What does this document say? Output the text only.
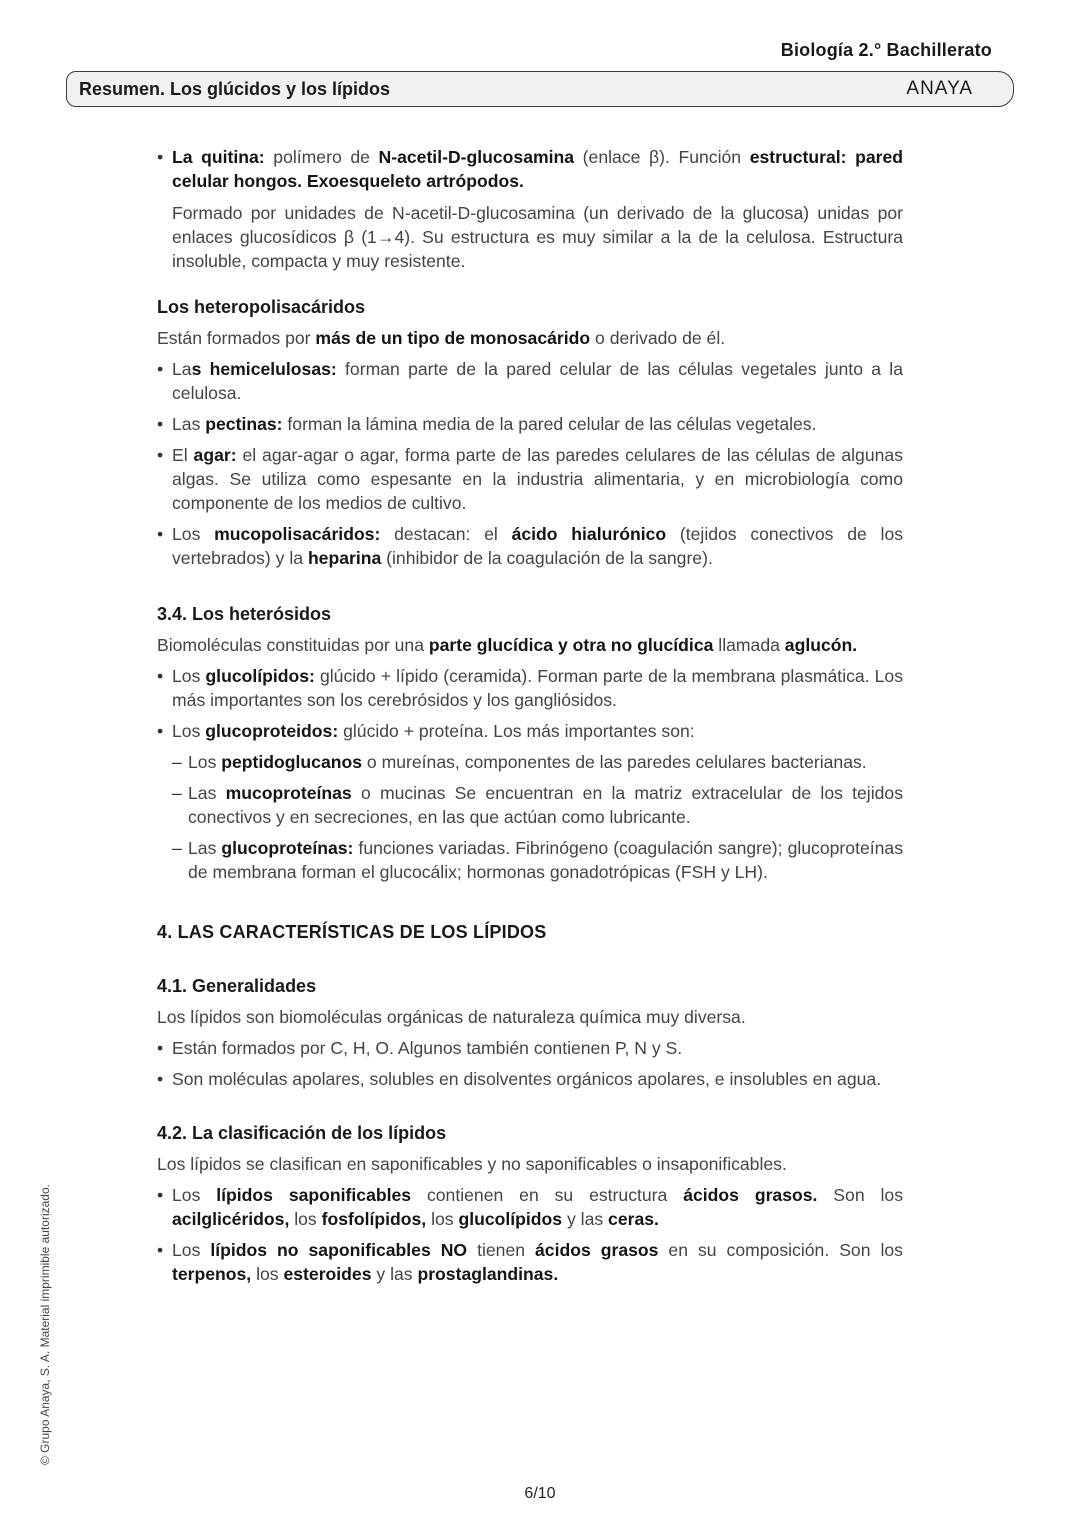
Biología 2.° Bachillerato
Resumen. Los glúcidos y los lípidos	ANAYA
• La quitina: polímero de N-acetil-D-glucosamina (enlace β). Función estructural: pared celular hongos. Exoesqueleto artrópodos.
Formado por unidades de N-acetil-D-glucosamina (un derivado de la glucosa) unidas por enlaces glucosídicos β (1→4). Su estructura es muy similar a la de la celulosa. Estructura insoluble, compacta y muy resistente.
Los heteropolisacáridos
Están formados por más de un tipo de monosacárido o derivado de él.
• Las hemicelulosas: forman parte de la pared celular de las células vegetales junto a la celulosa.
• Las pectinas: forman la lámina media de la pared celular de las células vegetales.
• El agar: el agar-agar o agar, forma parte de las paredes celulares de las células de algunas algas. Se utiliza como espesante en la industria alimentaria, y en microbiología como componente de los medios de cultivo.
• Los mucopolisacáridos: destacan: el ácido hialurónico (tejidos conectivos de los vertebrados) y la heparina (inhibidor de la coagulación de la sangre).
3.4. Los heterósidos
Biomoléculas constituidas por una parte glucídica y otra no glucídica llamada aglucón.
• Los glucolípidos: glúcido + lípido (ceramida). Forman parte de la membrana plasmática. Los más importantes son los cerebrósidos y los gangliósidos.
• Los glucoproteidos: glúcido + proteína. Los más importantes son:
– Los peptidoglucanos o mureínas, componentes de las paredes celulares bacterianas.
– Las mucoproteínas o mucinas Se encuentran en la matriz extracelular de los tejidos conectivos y en secreciones, en las que actúan como lubricante.
– Las glucoproteínas: funciones variadas. Fibrinógeno (coagulación sangre); glucoproteínas de membrana forman el glucocálix; hormonas gonadotrópicas (FSH y LH).
4. LAS CARACTERÍSTICAS DE LOS LÍPIDOS
4.1. Generalidades
Los lípidos son biomoléculas orgánicas de naturaleza química muy diversa.
• Están formados por C, H, O. Algunos también contienen P, N y S.
• Son moléculas apolares, solubles en disolventes orgánicos apolares, e insolubles en agua.
4.2. La clasificación de los lípidos
Los lípidos se clasifican en saponificables y no saponificables o insaponificables.
• Los lípidos saponificables contienen en su estructura ácidos grasos. Son los acilglicéridos, los fosfolípidos, los glucolípidos y las ceras.
• Los lípidos no saponificables NO tienen ácidos grasos en su composición. Son los terpenos, los esteroides y las prostaglandinas.
© Grupo Anaya, S. A. Material imprimible autorizado.
6/10
